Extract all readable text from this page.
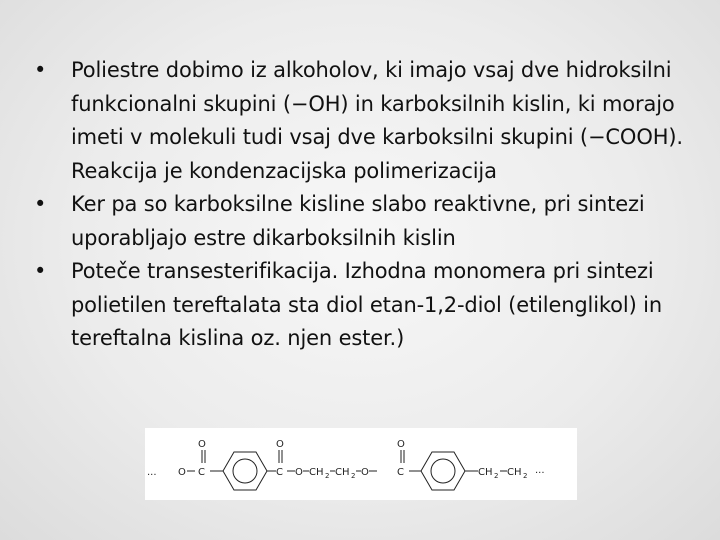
•	Poliestre dobimo iz alkoholov, ki imajo vsaj dve hidroksilni funkcionalni skupini (−OH) in karboksilnih kislin, ki morajo imeti v molekuli tudi vsaj dve karboksilni skupini (−COOH). Reakcija je kondenzacijska polimerizacija
•	Ker pa so karboksilne kisline slabo reaktivne, pri sintezi uporabljajo estre dikarboksilnih kislin
•	Poteče transesterifikacija. Izhodna monomera pri sintezi polietilen tereftalata sta diol etan-1,2-diol (etilenglikol) in tereftalna kislina oz. njen ester.)
... O C
O
C
O
O CH 2 CH 2 O	C
O
CH 2 CH 2 ...
